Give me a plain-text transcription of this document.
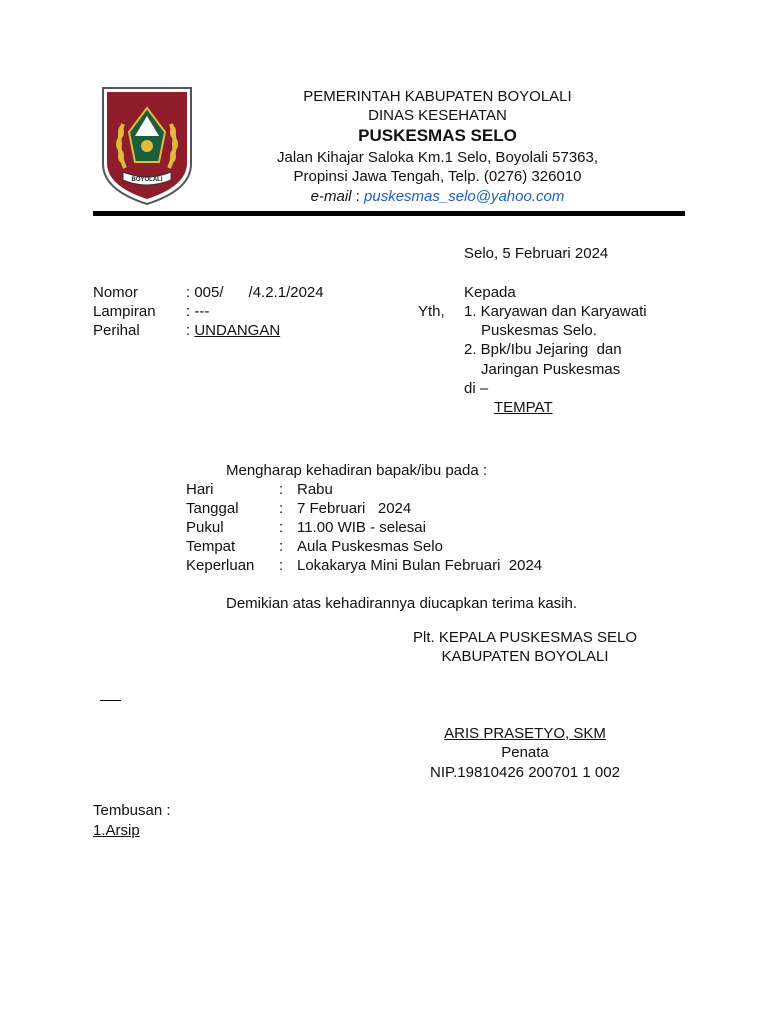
BOYOLALI
PEMERINTAH KABUPATEN BOYOLALI
DINAS KESEHATAN
PUSKESMAS SELO
Jalan Kihajar Saloka Km.1 Selo, Boyolali 57363,
Propinsi Jawa Tengah, Telp. (0276) 326010
e-mail : puskesmas_selo@yahoo.com
Selo, 5 Februari 2024
Nomor	: 005/      /4.2.1/2024
Lampiran : ---
Perihal	: UNDANGAN
Yth,
Kepada
1. Karyawan dan Karyawati
Puskesmas Selo.
2. Bpk/Ibu Jejaring  dan
Jaringan Puskesmas
di –
TEMPAT
Mengharap kehadiran bapak/ibu pada :
Hari	: Rabu
Tanggal	: 7 Februari   2024
Pukul	: 11.00 WIB - selesai
Tempat	: Aula Puskesmas Selo
Keperluan : Lokakarya Mini Bulan Februari  2024
Demikian atas kehadirannya diucapkan terima kasih.
Plt. KEPALA PUSKESMAS SELO
KABUPATEN BOYOLALI
ARIS PRASETYO, SKM
Penata
NIP.19810426 200701 1 002
Tembusan :
1.Arsip
